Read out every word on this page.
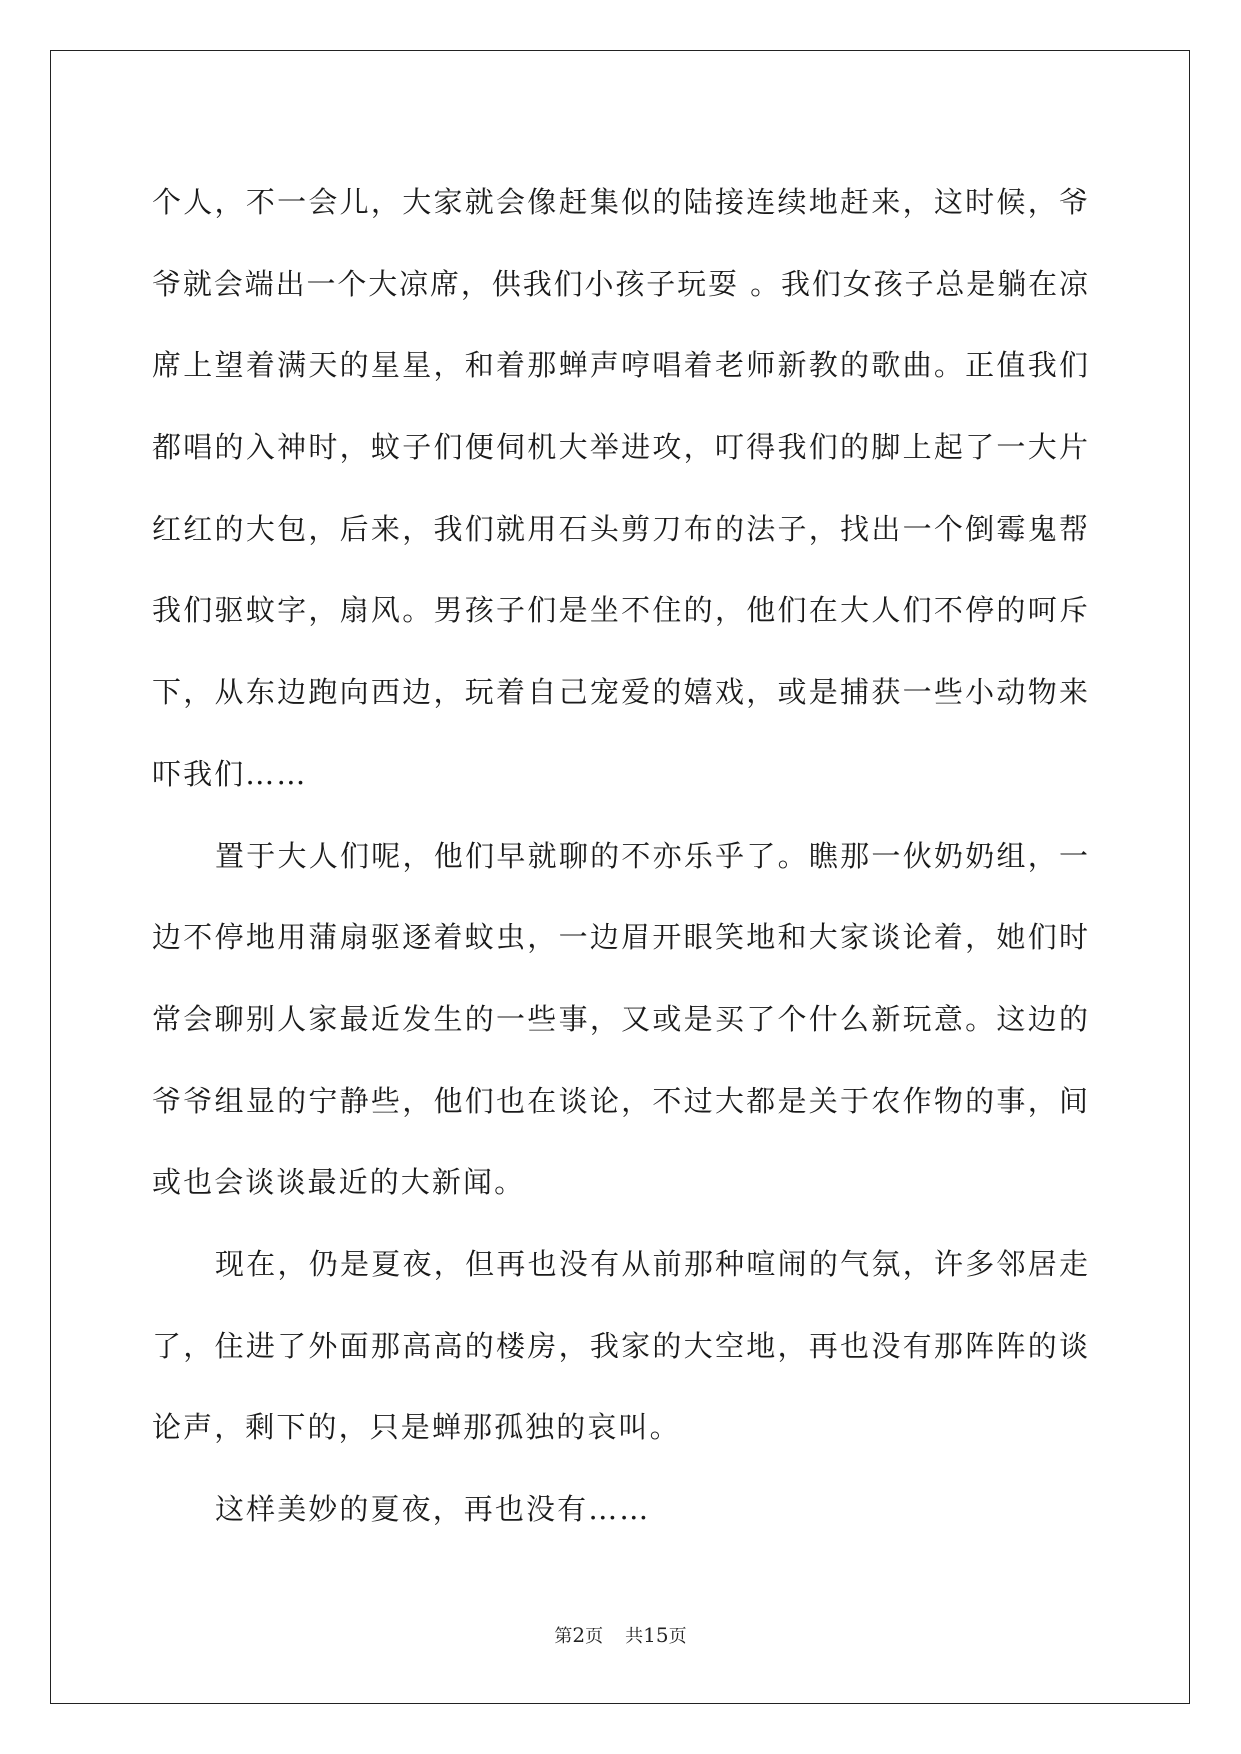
个人，不一会儿，大家就会像赶集似的陆接连续地赶来，这时候，爷
爷就会端出一个大凉席，供我们小孩子玩耍 。我们女孩子总是躺在凉
席上望着满天的星星，和着那蝉声哼唱着老师新教的歌曲。正值我们
都唱的入神时，蚊子们便伺机大举进攻，叮得我们的脚上起了一大片
红红的大包，后来，我们就用石头剪刀布的法子，找出一个倒霉鬼帮
我们驱蚊字，扇风。男孩子们是坐不住的，他们在大人们不停的呵斥
下，从东边跑向西边，玩着自己宠爱的嬉戏，或是捕获一些小动物来
吓我们……
置于大人们呢，他们早就聊的不亦乐乎了。瞧那一伙奶奶组，一
边不停地用蒲扇驱逐着蚊虫，一边眉开眼笑地和大家谈论着，她们时
常会聊别人家最近发生的一些事，又或是买了个什么新玩意。这边的
爷爷组显的宁静些，他们也在谈论，不过大都是关于农作物的事，间
或也会谈谈最近的大新闻。
现在，仍是夏夜，但再也没有从前那种喧闹的气氛，许多邻居走
了，住进了外面那高高的楼房，我家的大空地，再也没有那阵阵的谈
论声，剩下的，只是蝉那孤独的哀叫。
这样美妙的夏夜，再也没有……
第2页 共15页
